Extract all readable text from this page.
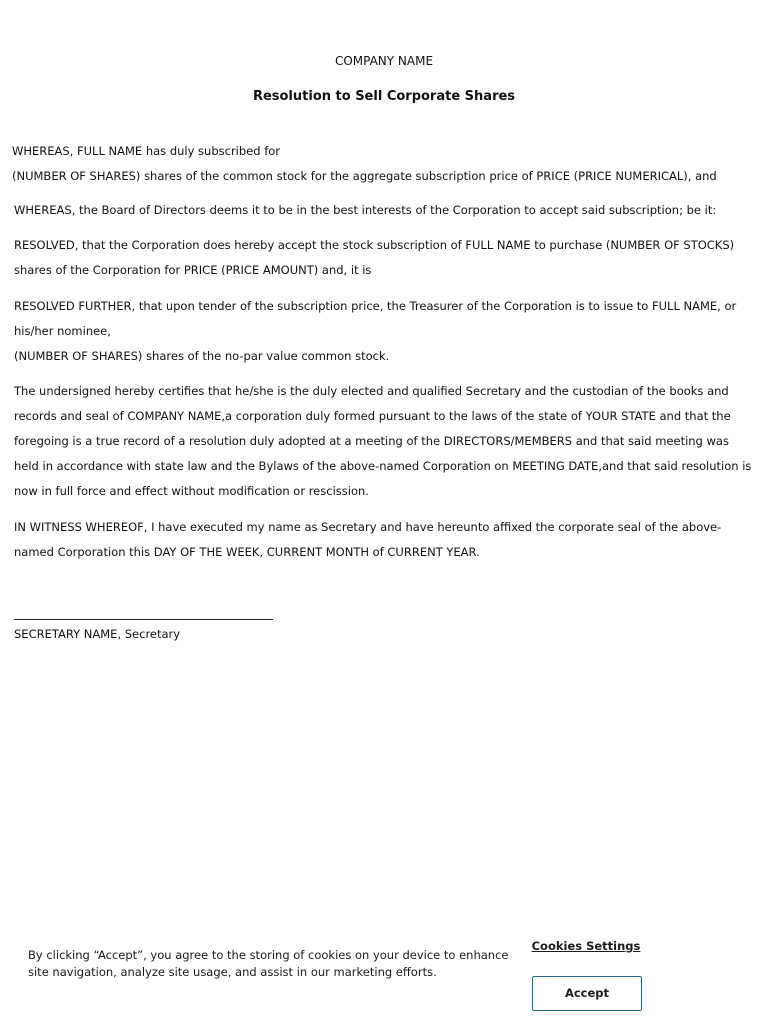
COMPANY NAME
Resolution to Sell Corporate Shares
WHEREAS, FULL NAME has duly subscribed for
(NUMBER OF SHARES) shares of the common stock for the aggregate subscription price of PRICE (PRICE NUMERICAL), and

WHEREAS, the Board of Directors deems it to be in the best interests of the Corporation to accept said subscription; be it:

RESOLVED, that the Corporation does hereby accept the stock subscription of FULL NAME to purchase (NUMBER OF STOCKS) shares of the Corporation for PRICE (PRICE AMOUNT) and, it is

RESOLVED FURTHER, that upon tender of the subscription price, the Treasurer of the Corporation is to issue to FULL NAME, or his/her nominee,
(NUMBER OF SHARES) shares of the no-par value common stock.

The undersigned hereby certifies that he/she is the duly elected and qualified Secretary and the custodian of the books and records and seal of COMPANY NAME,a corporation duly formed pursuant to the laws of the state of YOUR STATE and that the foregoing is a true record of a resolution duly adopted at a meeting of the DIRECTORS/MEMBERS and that said meeting was held in accordance with state law and the Bylaws of the above-named Corporation on MEETING DATE,and that said resolution is now in full force and effect without modification or rescission.

IN WITNESS WHEREOF, I have executed my name as Secretary and have hereunto affixed the corporate seal of the above-named Corporation this DAY OF THE WEEK, CURRENT MONTH of CURRENT YEAR.

SECRETARY NAME, Secretary
By clicking “Accept”, you agree to the storing of cookies on your device to enhance site navigation, analyze site usage, and assist in our marketing efforts.
Cookies Settings
Accept
